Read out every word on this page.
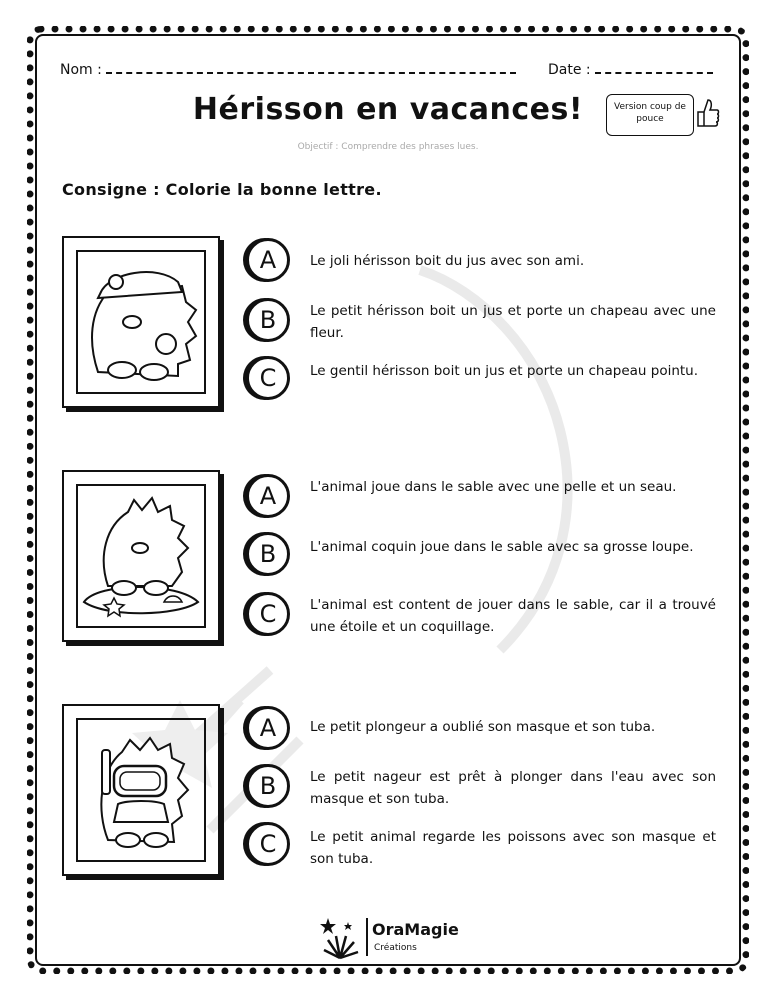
Nom :	Date :
Hérisson en vacances!	Version coup de pouce
Objectif : Comprendre des phrases lues.
Consigne : Colorie la bonne lettre.
A	Le joli hérisson boit du jus avec son ami.
B	Le petit hérisson boit un jus et porte un chapeau avec une fleur.
C	Le gentil hérisson boit un jus et porte un chapeau pointu.
A	L'animal joue dans le sable avec une pelle et un seau.
B	L'animal coquin joue dans le sable avec sa grosse loupe.
C	L'animal est content de jouer dans le sable, car il a trouvé une étoile et un coquillage.
A	Le petit plongeur a oublié son masque et son tuba.
B	Le petit nageur est prêt à plonger dans l'eau avec son masque et son tuba.
C	Le petit animal regarde les poissons avec son masque et son tuba.
OraMagie
Créations
